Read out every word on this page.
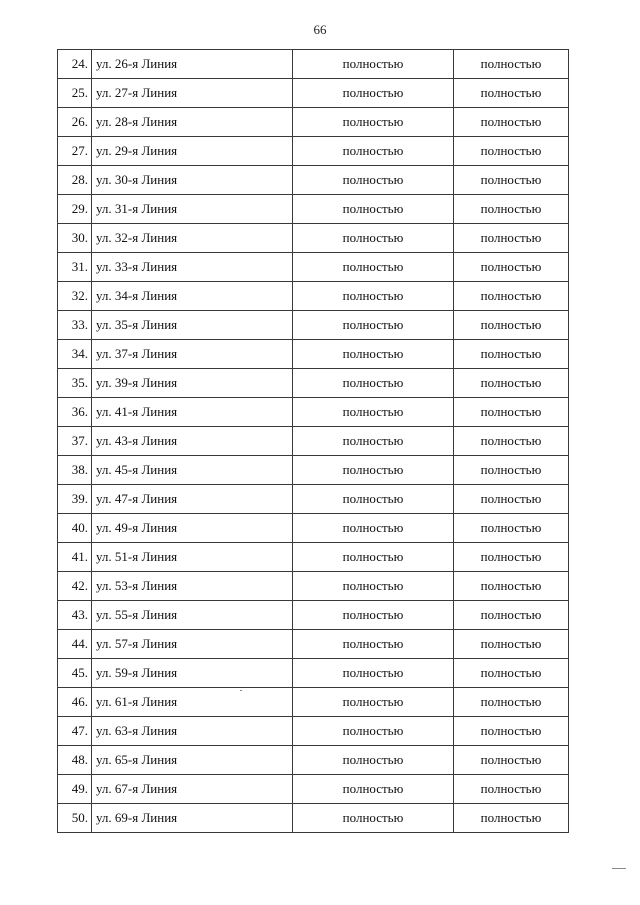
66
24.	ул. 26-я Линия	полностью	полностью
25.	ул. 27-я Линия	полностью	полностью
26.	ул. 28-я Линия	полностью	полностью
27.	ул. 29-я Линия	полностью	полностью
28.	ул. 30-я Линия	полностью	полностью
29.	ул. 31-я Линия	полностью	полностью
30.	ул. 32-я Линия	полностью	полностью
31.	ул. 33-я Линия	полностью	полностью
32.	ул. 34-я Линия	полностью	полностью
33.	ул. 35-я Линия	полностью	полностью
34.	ул. 37-я Линия	полностью	полностью
35.	ул. 39-я Линия	полностью	полностью
36.	ул. 41-я Линия	полностью	полностью
37.	ул. 43-я Линия	полностью	полностью
38.	ул. 45-я Линия	полностью	полностью
39.	ул. 47-я Линия	полностью	полностью
40.	ул. 49-я Линия	полностью	полностью
41.	ул. 51-я Линия	полностью	полностью
42.	ул. 53-я Линия	полностью	полностью
43.	ул. 55-я Линия	полностью	полностью
44.	ул. 57-я Линия	полностью	полностью
45.	ул. 59-я Линия	полностью	полностью
46.	ул. 61-я Линия	полностью	полностью
47.	ул. 63-я Линия	полностью	полностью
48.	ул. 65-я Линия	полностью	полностью
49.	ул. 67-я Линия	полностью	полностью
50.	ул. 69-я Линия	полностью	полностью
